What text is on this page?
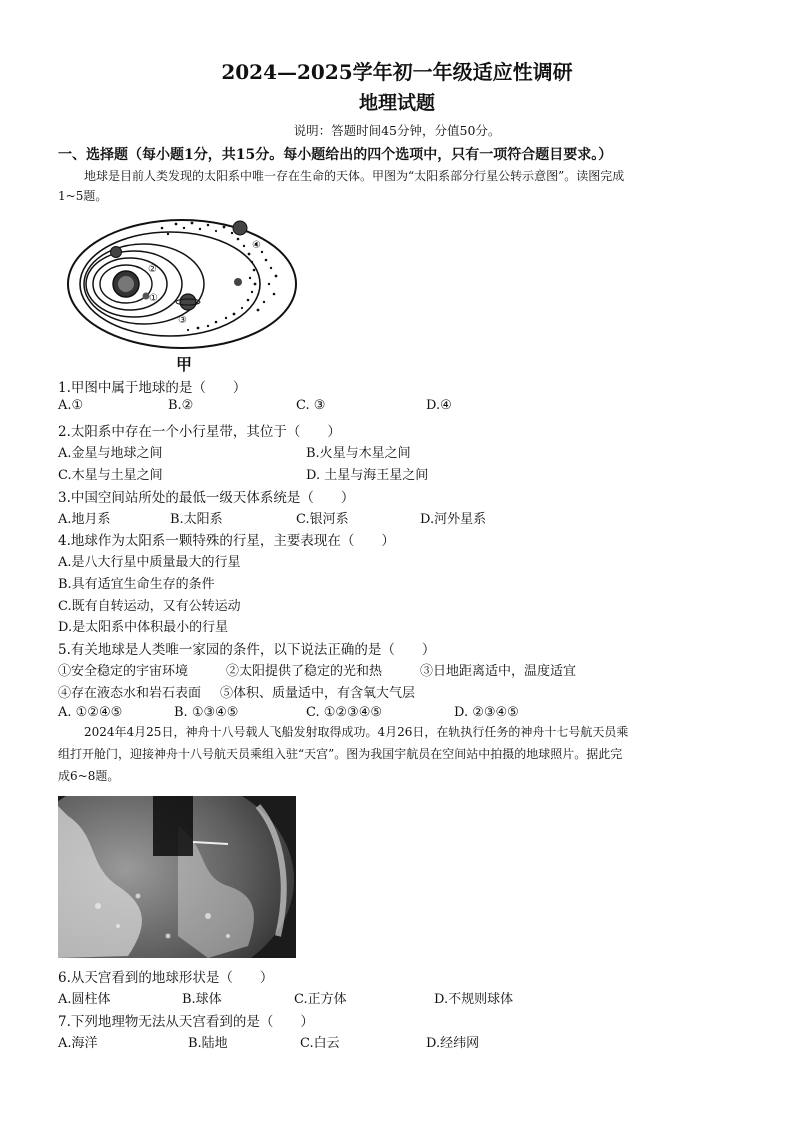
2024—2025学年初一年级适应性调研
地理试题
说明：答题时间45分钟，分值50分。
一、选择题（每小题1分，共15分。每小题给出的四个选项中，只有一项符合题目要求。）
地球是目前人类发现的太阳系中唯一存在生命的天体。甲图为“太阳系部分行星公转示意图”。读图完成
1~5题。
①
②
③
④
甲
1.甲图中属于地球的是（　　）
A.①	B.②	C. ③	D.④
2.太阳系中存在一个小行星带，其位于（　　）
A.金星与地球之间	B.火星与木星之间
C.木星与土星之间	D. 土星与海王星之间
3.中国空间站所处的最低一级天体系统是（　　）
A.地月系	B.太阳系	C.银河系	D.河外星系
4.地球作为太阳系一颗特殊的行星，主要表现在（　　）
A.是八大行星中质量最大的行星
B.具有适宜生命生存的条件
C.既有自转运动，又有公转运动
D.是太阳系中体积最小的行星
5.有关地球是人类唯一家园的条件，以下说法正确的是（　　）
①安全稳定的宇宙环境	②太阳提供了稳定的光和热	③日地距离适中，温度适宜
④存在液态水和岩石表面 ⑤体积、质量适中，有含氧大气层
A. ①②④⑤	B. ①③④⑤	C. ①②③④⑤	D. ②③④⑤
2024年4月25日，神舟十八号载人飞船发射取得成功。4月26日，在轨执行任务的神舟十七号航天员乘
组打开舱门，迎接神舟十八号航天员乘组入驻“天宫”。图为我国宇航员在空间站中拍摄的地球照片。据此完
成6~8题。
6.从天宫看到的地球形状是（　　）
A.圆柱体	B.球体	C.正方体	D.不规则球体
7.下列地理物无法从天宫看到的是（　　）
A.海洋	B.陆地	C.白云	D.经纬网
